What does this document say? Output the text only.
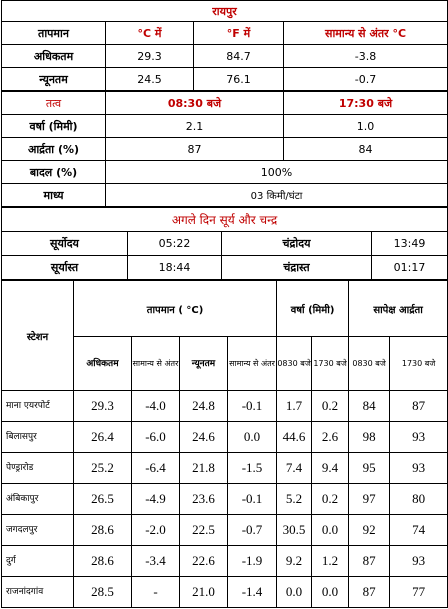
रायपुर			
तापमान	°C में	°F में	सामान्य से अंतर °C
अधिकतम	29.3	84.7	-3.8
न्यूनतम	24.5	76.1	-0.7
तत्व	08:30 बजे	17:30 बजे
वर्षा (मिमी)	2.1	1.0
आर्द्रता (%)	87	84
बादल (%)	100%	
माध्य	03 किमी/घंटा	
अगले दिन सूर्य और चन्द्र			
सूर्योदय	05:22	चंद्रोदय	13:49
सूर्यास्त	18:44	चंद्रास्त	01:17
स्टेशन	तापमान ( °C)				वर्षा (मिमी)		सापेक्ष आर्द्रता	
	अधिकतम	सामान्य से अंतर	न्यूनतम	सामान्य से अंतर	0830 बजे	1730 बजे	0830 बजे	1730 बजे
माना एयरपोर्ट	29.3	-4.0	24.8	-0.1	1.7	0.2	84	87
बिलासपुर	26.4	-6.0	24.6	0.0	44.6	2.6	98	93
पेण्ड्रारोड	25.2	-6.4	21.8	-1.5	7.4	9.4	95	93
अंबिकापुर	26.5	-4.9	23.6	-0.1	5.2	0.2	97	80
जगदलपुर	28.6	-2.0	22.5	-0.7	30.5	0.0	92	74
दुर्ग	28.6	-3.4	22.6	-1.9	9.2	1.2	87	93
राजनांदगांव	28.5	-	21.0	-1.4	0.0	0.0	87	77
